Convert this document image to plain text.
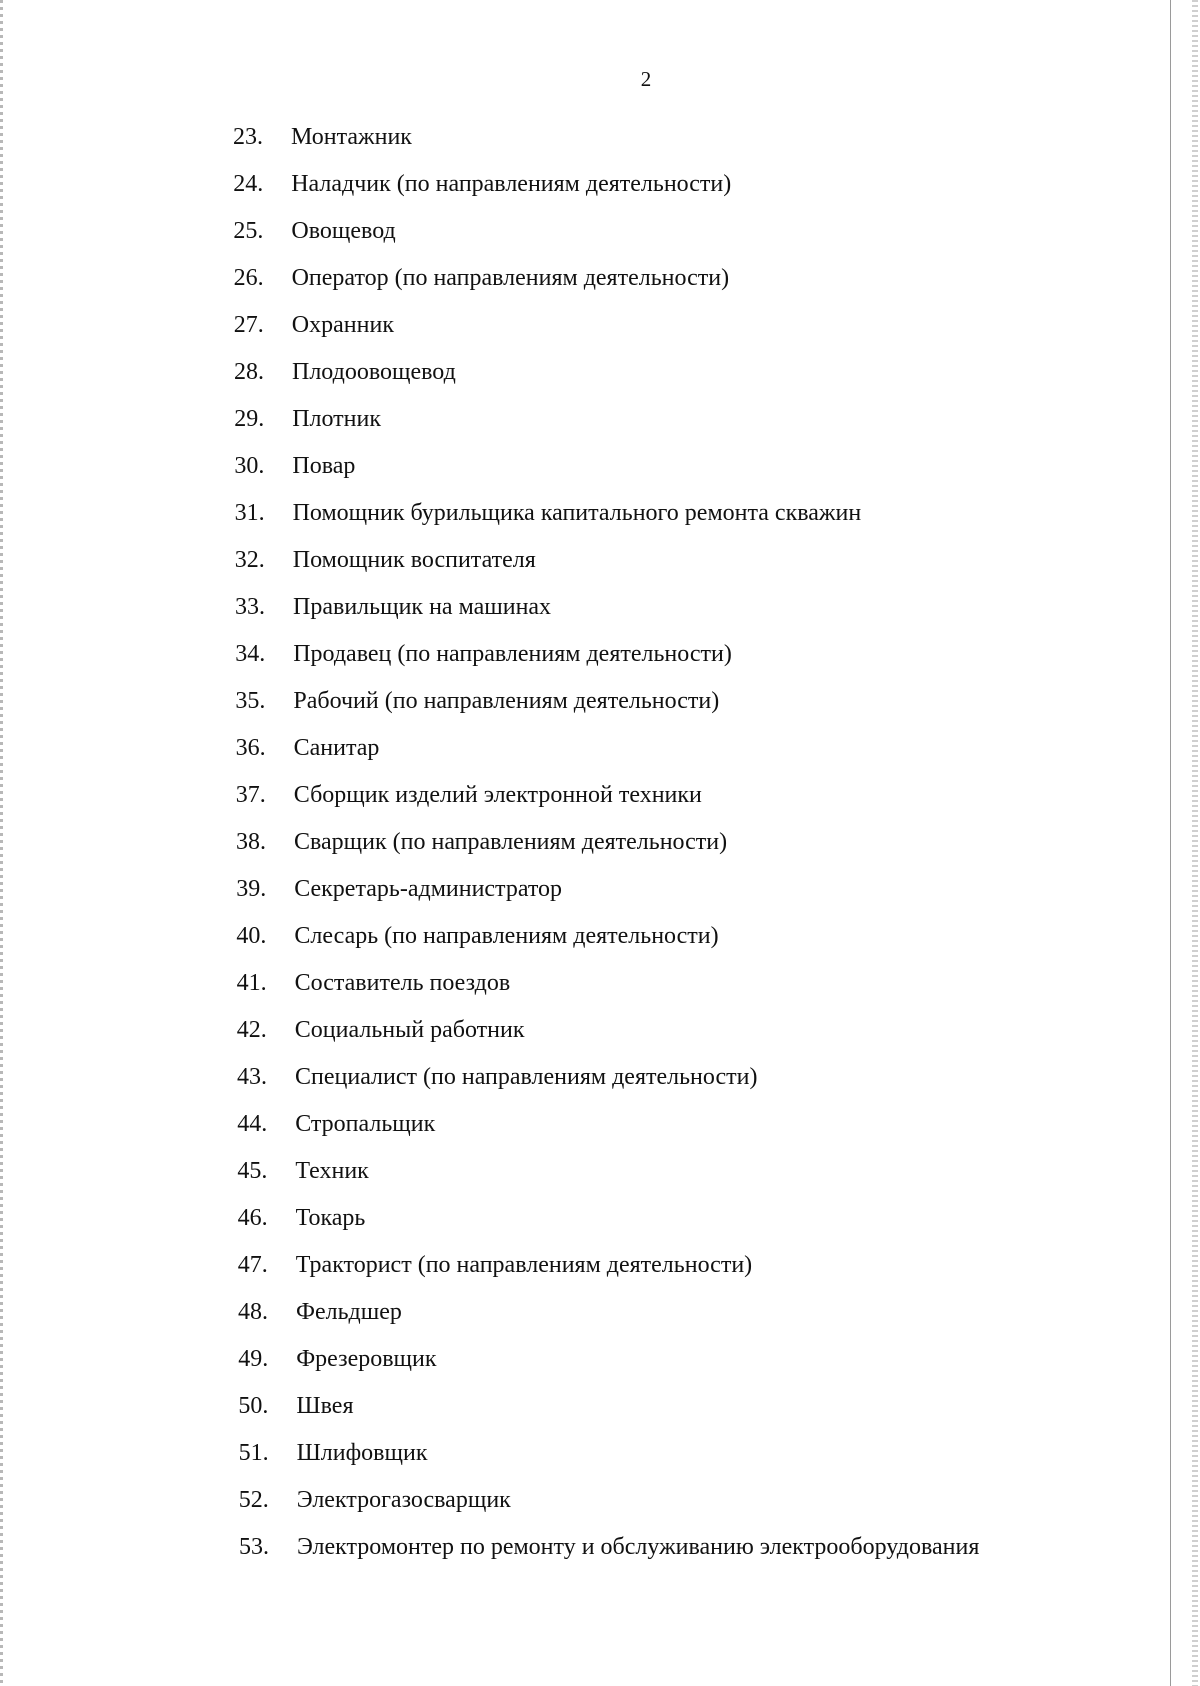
2
23. Монтажник
24. Наладчик (по направлениям деятельности)
25. Овощевод
26. Оператор (по направлениям деятельности)
27. Охранник
28. Плодоовощевод
29. Плотник
30. Повар
31. Помощник бурильщика капитального ремонта скважин
32. Помощник воспитателя
33. Правильщик на машинах
34. Продавец (по направлениям деятельности)
35. Рабочий (по направлениям деятельности)
36. Санитар
37. Сборщик изделий электронной техники
38. Сварщик (по направлениям деятельности)
39. Секретарь-администратор
40. Слесарь (по направлениям деятельности)
41. Составитель поездов
42. Социальный работник
43. Специалист (по направлениям деятельности)
44. Стропальщик
45. Техник
46. Токарь
47. Тракторист (по направлениям деятельности)
48. Фельдшер
49. Фрезеровщик
50. Швея
51. Шлифовщик
52. Электрогазосварщик
53. Электромонтер по ремонту и обслуживанию электрооборудования
